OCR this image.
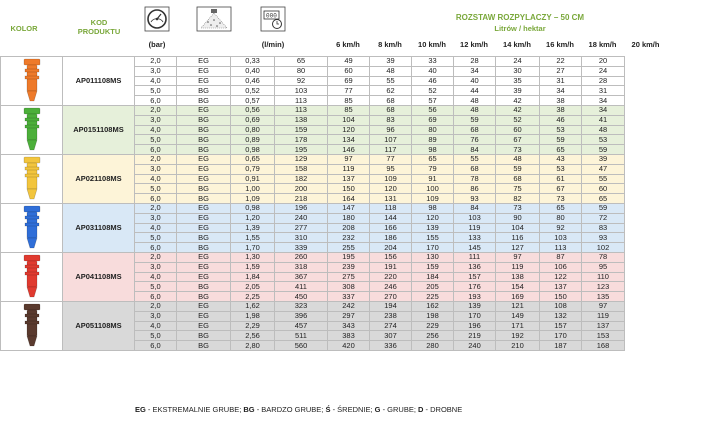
KOLOR
KOD
PRODUKTU
(bar)
000
(l/min)
ROZSTAW ROZPYLACZY – 50 CM
Litrów / hektar
6 km/h	8 km/h	10 km/h	12 km/h	14 km/h	16 km/h	18 km/h	20 km/h
	AP011108MS	2,0	EG	0,33	65	49	39	33	28	24	22	20
		3,0	EG	0,40	80	60	48	40	34	30	27	24
		4,0	EG	0,46	92	69	55	46	40	35	31	28
		5,0	BG	0,52	103	77	62	52	44	39	34	31
		6,0	BG	0,57	113	85	68	57	48	42	38	34

	AP0151108MS	2,0	EG	0,56	113	85	68	56	48	42	38	34
		3,0	BG	0,69	138	104	83	69	59	52	46	41
		4,0	BG	0,80	159	120	96	80	68	60	53	48
		5,0	BG	0,89	178	134	107	89	76	67	59	53
		6,0	BG	0,98	195	146	117	98	84	73	65	59

	AP021108MS	2,0	EG	0,65	129	97	77	65	55	48	43	39
		3,0	EG	0,79	158	119	95	79	68	59	53	47
		4,0	EG	0,91	182	137	109	91	78	68	61	55
		5,0	BG	1,00	200	150	120	100	86	75	67	60
		6,0	BG	1,09	218	164	131	109	93	82	73	65

	AP031108MS	2,0	EG	0,98	196	147	118	98	84	73	65	59
		3,0	EG	1,20	240	180	144	120	103	90	80	72
		4,0	EG	1,39	277	208	166	139	119	104	92	83
		5,0	BG	1,55	310	232	186	155	133	116	103	93
		6,0	BG	1,70	339	255	204	170	145	127	113	102

	AP041108MS	2,0	EG	1,30	260	195	156	130	111	97	87	78
		3,0	EG	1,59	318	239	191	159	136	119	106	95
		4,0	EG	1,84	367	275	220	184	157	138	122	110
		5,0	BG	2,05	411	308	246	205	176	154	137	123
		6,0	BG	2,25	450	337	270	225	193	169	150	135

	AP051108MS	2,0	EG	1,62	323	242	194	162	139	121	108	97
		3,0	EG	1,98	396	297	238	198	170	149	132	119
		4,0	EG	2,29	457	343	274	229	196	171	157	137
		5,0	BG	2,56	511	383	307	256	219	192	170	153
		6,0	BG	2,80	560	420	336	280	240	210	187	168
EG - EKSTREMALNIE GRUBE; BG - BARDZO GRUBE; Ś - ŚREDNIE; G - GRUBE; D - DROBNE
